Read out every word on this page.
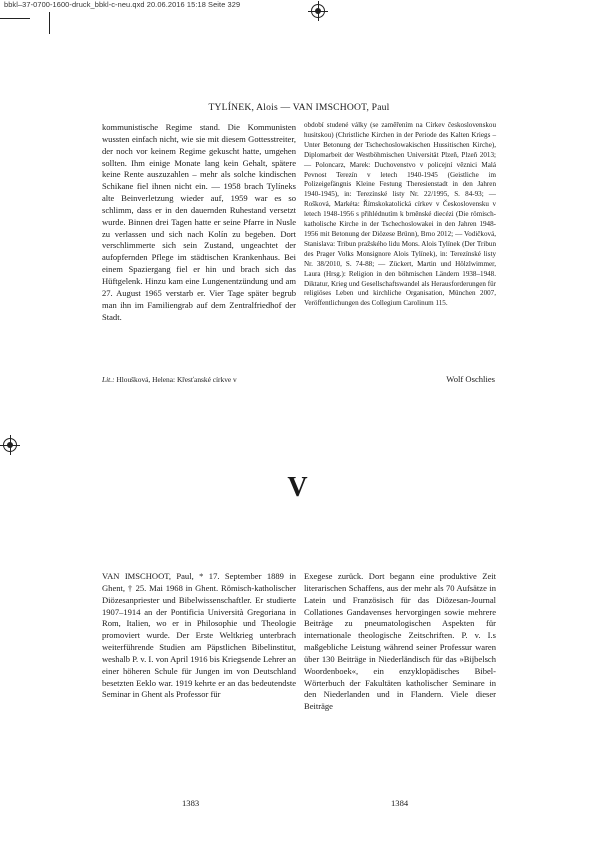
bbkl–37-0700-1600-druck_bbkl-c-neu.qxd 20.06.2016 15:18 Seite 329
TYLÍNEK, Alois — VAN IMSCHOOT, Paul
kommunistische Regime stand. Die Kommunisten wussten einfach nicht, wie sie mit diesem Gottesstreiter, der noch vor keinem Regime gekuscht hatte, umgehen sollten. Ihm einige Monate lang kein Gehalt, spätere keine Rente auszuzahlen – mehr als solche kindischen Schikane fiel ihnen nicht ein. — 1958 brach Tylíneks alte Beinverletzung wieder auf, 1959 war es so schlimm, dass er in den dauernden Ruhestand versetzt wurde. Binnen drei Tagen hatte er seine Pfarre in Nusle zu verlassen und sich nach Kolín zu begeben. Dort verschlimmerte sich sein Zustand, ungeachtet der aufopfernden Pflege im städtischen Krankenhaus. Bei einem Spaziergang fiel er hin und brach sich das Hüftgelenk. Hinzu kam eine Lungenentzündung und am 27. August 1965 verstarb er. Vier Tage später begrub man ihn im Familiengrab auf dem Zentralfriedhof der Stadt.
období studené války (se zaměřením na Církev československou husitskou) (Christliche Kirchen in der Periode des Kalten Kriegs – Unter Betonung der Tschechoslowakischen Hussitischen Kirche), Diplomarbeit der Westböhmischen Universität Plzeň, Plzeň 2013; — Poloncarz, Marek: Duchovenstvo v policejní věznici Malá Pevnost Terezín v letech 1940-1945 (Geistliche im Polizeigefängnis Kleine Festung Theresienstadt in den Jahren 1940-1945), in: Terezínské listy Nr. 22/1995, S. 84-93; — Rošková, Markéta: Římskokatolická církev v Československu v letech 1948-1956 s přihlédnutím k brněnské diecézi (Die römisch-katholische Kirche in der Tschechoslowakei in den Jahren 1948-1956 mit Betonung der Diözese Brünn), Brno 2012; — Vodičková, Stanislava: Tribun pražského lidu Mons. Alois Tylínek (Der Tribun des Prager Volks Monsignore Alois Tylínek), in: Terezínské listy Nr. 38/2010, S. 74-88; — Zückert, Martin und Hölzlwimmer, Laura (Hrsg.): Religion in den böhmischen Ländern 1938–1948. Diktatur, Krieg und Gesellschaftswandel als Herausforderungen für religiöses Leben und kirchliche Organisation, München 2007, Veröffentlichungen des Collegium Carolinum 115.
Lit.: Hloušková, Helena: Křesťanské církve v	Wolf Oschlies
V
VAN IMSCHOOT, Paul, * 17. September 1889 in Ghent, † 25. Mai 1968 in Ghent. Römisch-katholischer Diözesanpriester und Bibelwissenschaftler. Er studierte 1907–1914 an der Pontificia Università Gregoriana in Rom, Italien, wo er in Philosophie und Theologie promoviert wurde. Der Erste Weltkrieg unterbrach weiterführende Studien am Päpstlichen Bibelinstitut, weshalb P. v. I. von April 1916 bis Kriegsende Lehrer an einer höheren Schule für Jungen im von Deutschland besetzten Eeklo war. 1919 kehrte er an das bedeutendste Seminar in Ghent als Professor für
Exegese zurück. Dort begann eine produktive Zeit literarischen Schaffens, aus der mehr als 70 Aufsätze in Latein und Französisch für das Diözesan-Journal Collationes Gandavenses hervorgingen sowie mehrere Beiträge zu pneumatologischen Aspekten für internationale theologische Zeitschriften. P. v. I.s maßgebliche Leistung während seiner Professur waren über 130 Beiträge in Niederländisch für das »Bijbelsch Woordenboek«, ein enzyklopädisches Bibel-Wörterbuch der Fakultäten katholischer Seminare in den Niederlanden und in Flandern. Viele dieser Beiträge
1383	1384
